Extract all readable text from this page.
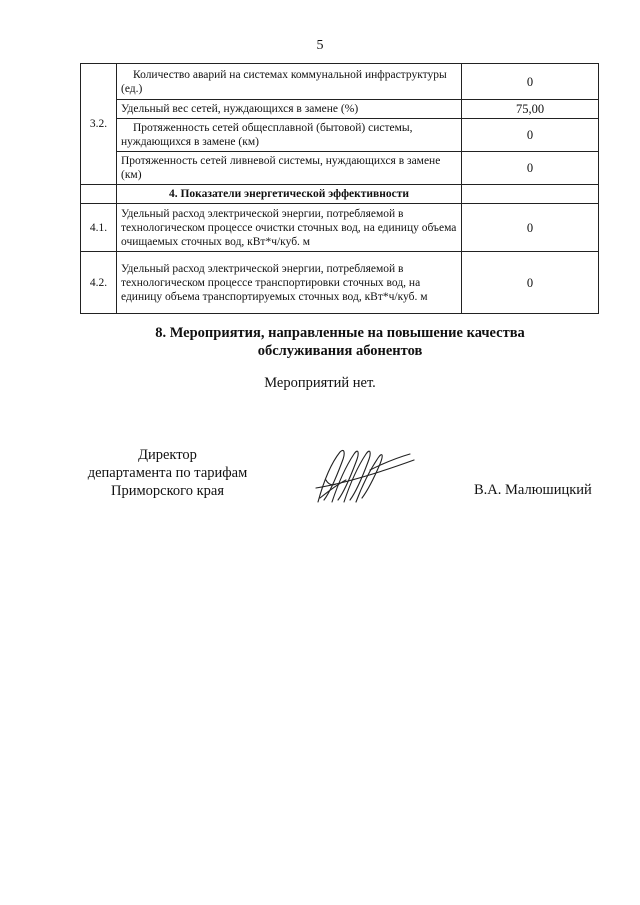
5
3.2.	Количество аварий на системах коммунальной инфраструктуры (ед.)	0
	Удельный вес сетей, нуждающихся в замене (%)	75,00
	Протяженность сетей общесплавной (бытовой) системы, нуждающихся в замене (км)	0
	Протяженность сетей ливневой системы, нуждающихся в замене (км)	0
	4. Показатели энергетической эффективности	
4.1.	Удельный расход электрической энергии, потребляемой в технологическом процессе очистки сточных вод, на единицу объема очищаемых сточных вод, кВт*ч/куб. м	0
4.2.	Удельный расход электрической энергии, потребляемой в технологическом процессе транспортировки сточных вод, на единицу объема транспортируемых сточных вод, кВт*ч/куб. м	0
8. Мероприятия, направленные на повышение качества
обслуживания абонентов
Мероприятий нет.
Директор
департамента по тарифам
Приморского края	В.А. Малюшицкий
